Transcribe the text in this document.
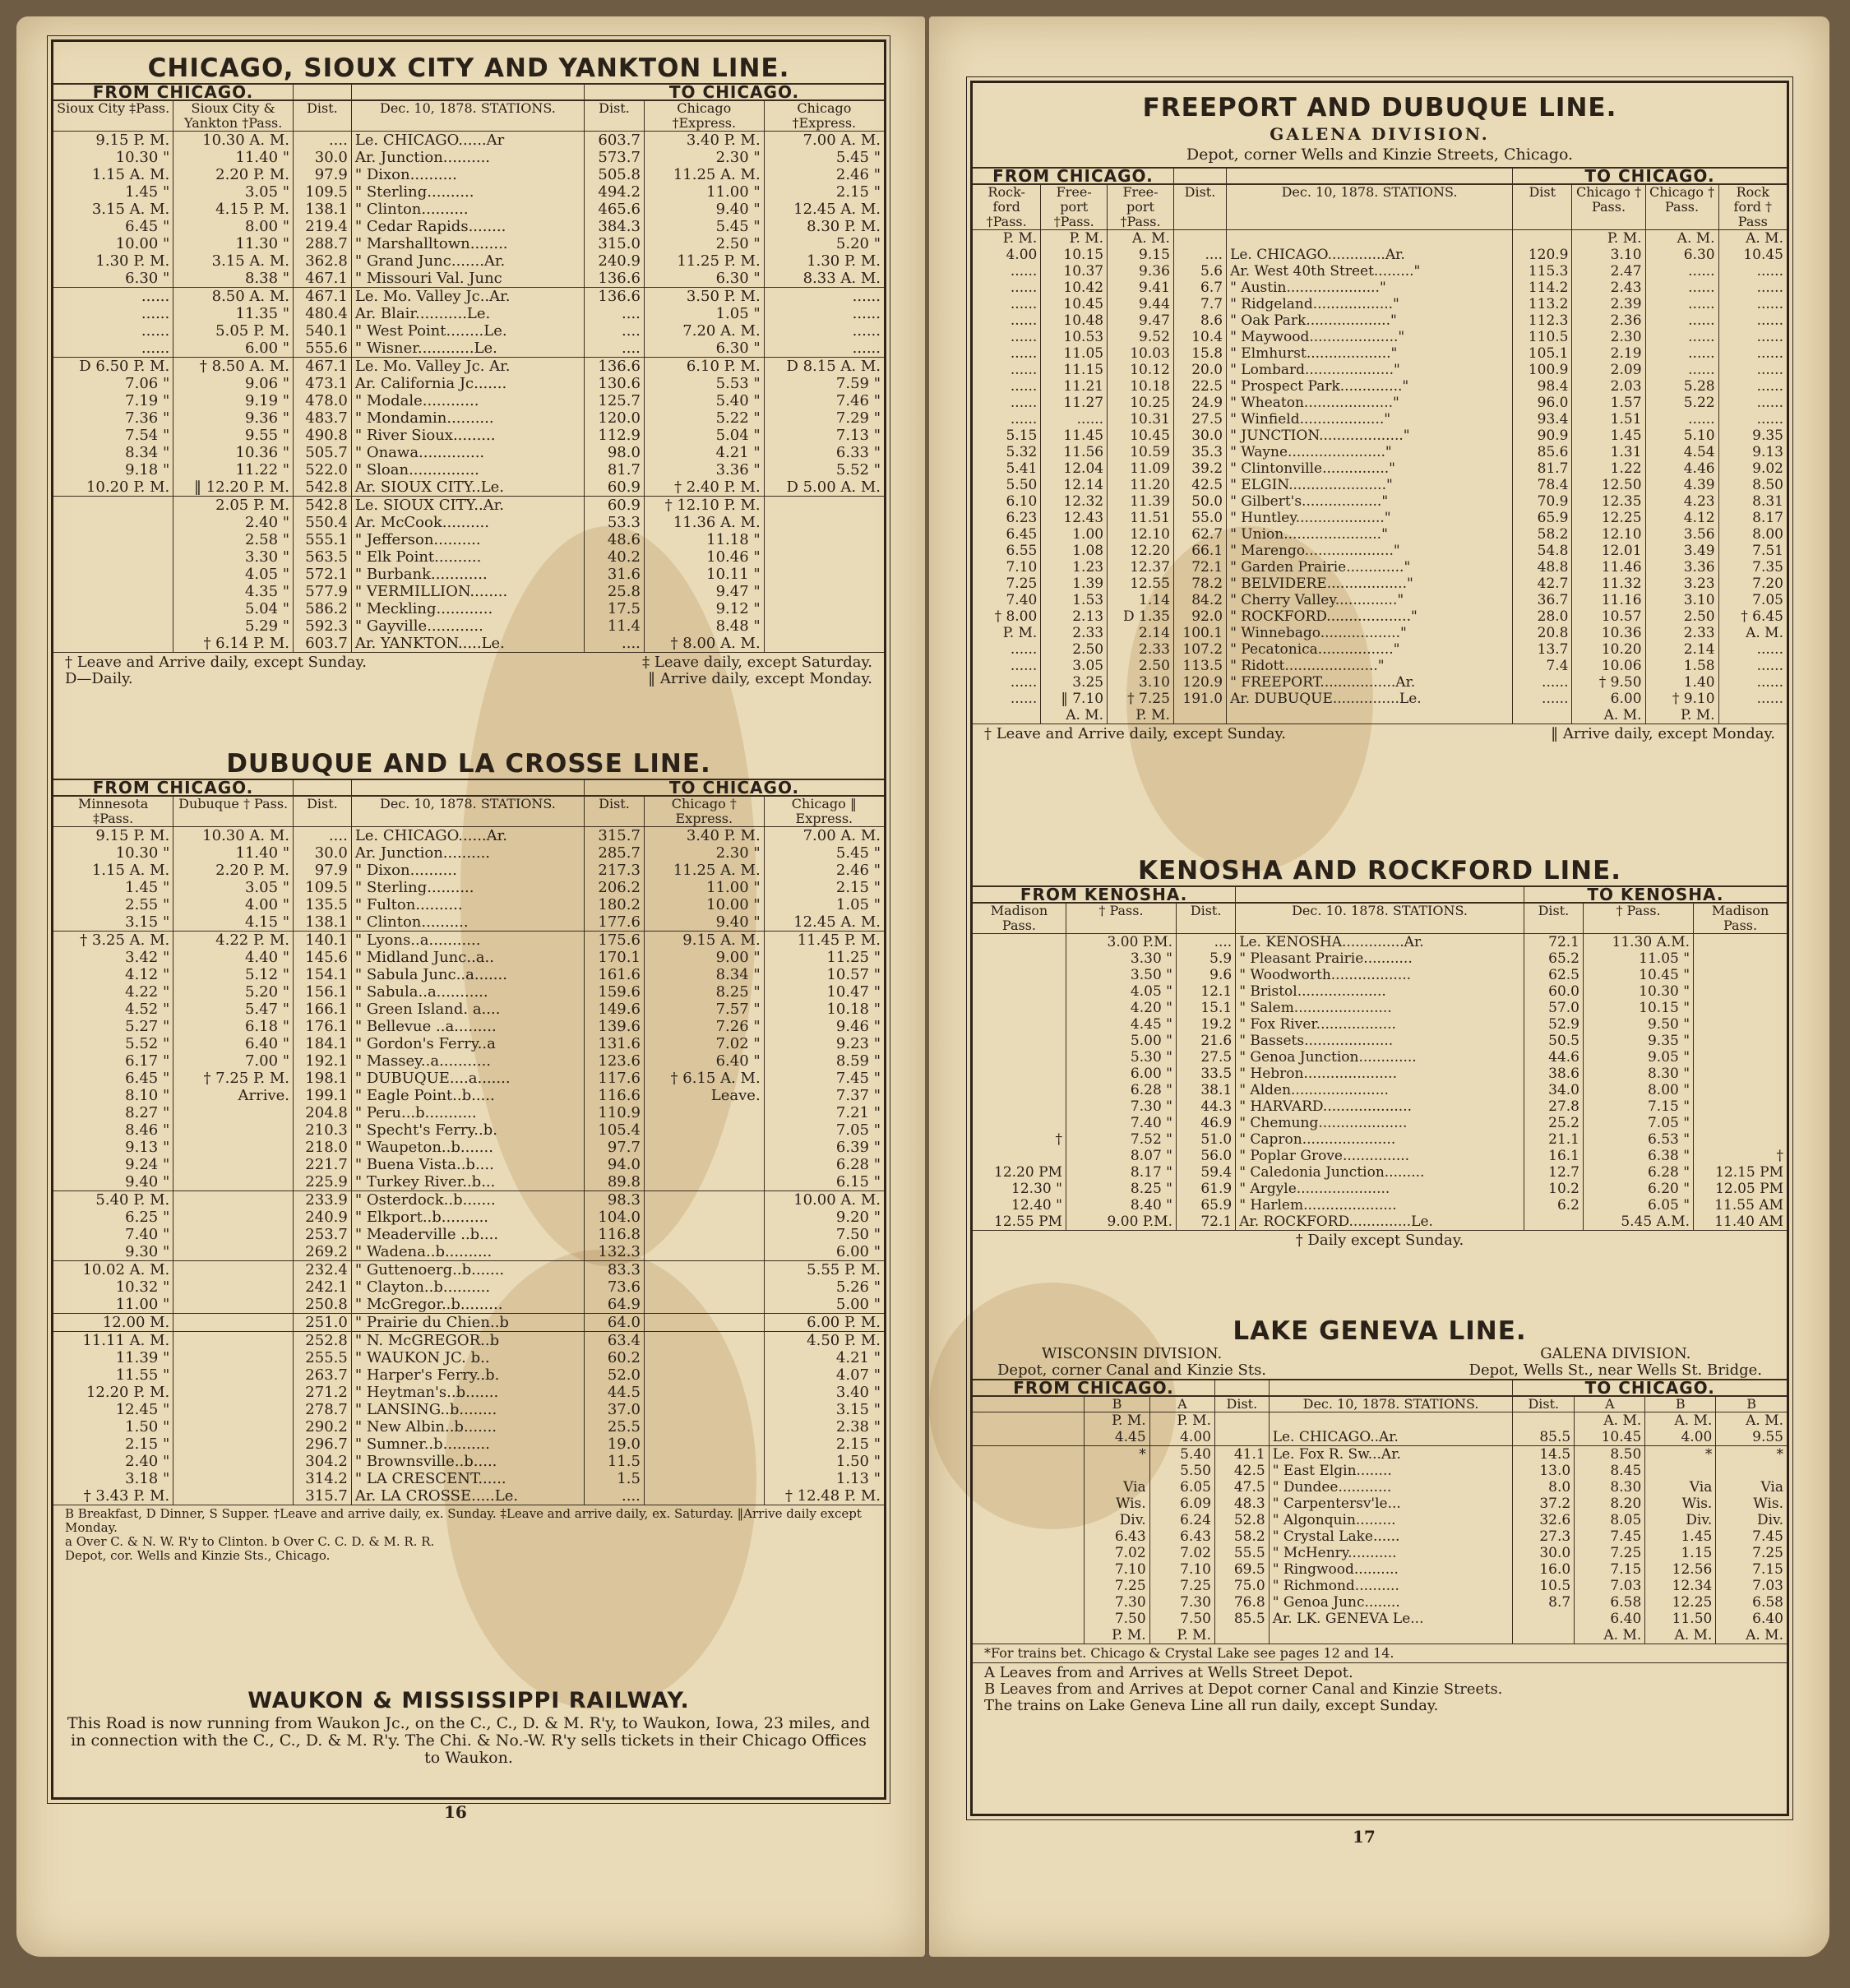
CHICAGO, SIOUX CITY AND YANKTON LINE.
FROM CHICAGO.				TO CHICAGO.		
Sioux City ‡Pass.	Sioux City & Yankton †Pass.	Dist.	Dec. 10, 1878. STATIONS.	Dist.	Chicago †Express.	Chicago †Express.
9.15 P. M.	10.30 A. M.	....	Le. CHICAGO......Ar	603.7	3.40 P. M.	7.00 A. M.
10.30 "	11.40 "	30.0	Ar. Junction..........	573.7	2.30 "	5.45 "
1.15 A. M.	2.20 P. M.	97.9	" Dixon..........	505.8	11.25 A. M.	2.46 "
1.45 "	3.05 "	109.5	" Sterling..........	494.2	11.00 "	2.15 "
3.15 A. M.	4.15 P. M.	138.1	" Clinton..........	465.6	9.40 "	12.45 A. M.
6.45 "	8.00 "	219.4	" Cedar Rapids........	384.3	5.45 "	8.30 P. M.
10.00 "	11.30 "	288.7	" Marshalltown........	315.0	2.50 "	5.20 "
1.30 P. M.	3.15 A. M.	362.8	" Grand Junc.......Ar.	240.9	11.25 P. M.	1.30 P. M.
6.30 "	8.38 "	467.1	" Missouri Val. Junc	136.6	6.30 "	8.33 A. M.
......	8.50 A. M.	467.1	Le. Mo. Valley Jc..Ar.	136.6	3.50 P. M.	......
......	11.35 "	480.4	Ar. Blair...........Le.	....	1.05 "	......
......	5.05 P. M.	540.1	" West Point........Le.	....	7.20 A. M.	......
......	6.00 "	555.6	" Wisner............Le.	....	6.30 "	......
D 6.50 P. M.	† 8.50 A. M.	467.1	Le. Mo. Valley Jc. Ar.	136.6	6.10 P. M.	D 8.15 A. M.
7.06 "	9.06 "	473.1	Ar. California Jc.......	130.6	5.53 "	7.59 "
7.19 "	9.19 "	478.0	" Modale............	125.7	5.40 "	7.46 "
7.36 "	9.36 "	483.7	" Mondamin..........	120.0	5.22 "	7.29 "
7.54 "	9.55 "	490.8	" River Sioux.........	112.9	5.04 "	7.13 "
8.34 "	10.36 "	505.7	" Onawa..............	98.0	4.21 "	6.33 "
9.18 "	11.22 "	522.0	" Sloan...............	81.7	3.36 "	5.52 "
10.20 P. M.	‖ 12.20 P. M.	542.8	Ar. SIOUX CITY..Le.	60.9	† 2.40 P. M.	D 5.00 A. M.
	2.05 P. M.	542.8	Le. SIOUX CITY..Ar.	60.9	† 12.10 P. M.	
	2.40 "	550.4	Ar. McCook..........	53.3	11.36 A. M.	
	2.58 "	555.1	" Jefferson..........	48.6	11.18 "	
	3.30 "	563.5	" Elk Point..........	40.2	10.46 "	
	4.05 "	572.1	" Burbank............	31.6	10.11 "	
	4.35 "	577.9	" VERMILLION........	25.8	9.47 "	
	5.04 "	586.2	" Meckling............	17.5	9.12 "	
	5.29 "	592.3	" Gayville............	11.4	8.48 "	
	† 6.14 P. M.	603.7	Ar. YANKTON.....Le.	....	† 8.00 A. M.	
† Leave and Arrive daily, except Sunday.	‡ Leave daily, except Saturday.
D—Daily.	‖ Arrive daily, except Monday.
DUBUQUE AND LA CROSSE LINE.
FROM CHICAGO.				TO CHICAGO.		
Minnesota ‡Pass.	Dubuque † Pass.	Dist.	Dec. 10, 1878. STATIONS.	Dist.	Chicago † Express.	Chicago ‖ Express.
9.15 P. M.	10.30 A. M.	....	Le. CHICAGO......Ar.	315.7	3.40 P. M.	7.00 A. M.
10.30 "	11.40 "	30.0	Ar. Junction..........	285.7	2.30 "	5.45 "
1.15 A. M.	2.20 P. M.	97.9	" Dixon..........	217.3	11.25 A. M.	2.46 "
1.45 "	3.05 "	109.5	" Sterling..........	206.2	11.00 "	2.15 "
2.55 "	4.00 "	135.5	" Fulton..........	180.2	10.00 "	1.05 "
3.15 "	4.15 "	138.1	" Clinton..........	177.6	9.40 "	12.45 A. M.
† 3.25 A. M.	4.22 P. M.	140.1	" Lyons..a...........	175.6	9.15 A. M.	11.45 P. M.
3.42 "	4.40 "	145.6	" Midland Junc..a..	170.1	9.00 "	11.25 "
4.12 "	5.12 "	154.1	" Sabula Junc..a.......	161.6	8.34 "	10.57 "
4.22 "	5.20 "	156.1	" Sabula..a...........	159.6	8.25 "	10.47 "
4.52 "	5.47 "	166.1	" Green Island. a....	149.6	7.57 "	10.18 "
5.27 "	6.18 "	176.1	" Bellevue ..a.........	139.6	7.26 "	9.46 "
5.52 "	6.40 "	184.1	" Gordon's Ferry..a	131.6	7.02 "	9.23 "
6.17 "	7.00 "	192.1	" Massey..a...........	123.6	6.40 "	8.59 "
6.45 "	† 7.25 P. M.	198.1	" DUBUQUE....a.......	117.6	† 6.15 A. M.	7.45 "
8.10 "	Arrive.	199.1	" Eagle Point..b.....	116.6	Leave.	7.37 "
8.27 "		204.8	" Peru...b...........	110.9		7.21 "
8.46 "		210.3	" Specht's Ferry..b.	105.4		7.05 "
9.13 "		218.0	" Waupeton..b.......	97.7		6.39 "
9.24 "		221.7	" Buena Vista..b....	94.0		6.28 "
9.40 "		225.9	" Turkey River..b...	89.8		6.15 "
5.40 P. M.		233.9	" Osterdock..b.......	98.3		10.00 A. M.
6.25 "		240.9	" Elkport..b..........	104.0		9.20 "
7.40 "		253.7	" Meaderville ..b....	116.8		7.50 "
9.30 "		269.2	" Wadena..b..........	132.3		6.00 "
10.02 A. M.		232.4	" Guttenoerg..b.......	83.3		5.55 P. M.
10.32 "		242.1	" Clayton..b..........	73.6		5.26 "
11.00 "		250.8	" McGregor..b.........	64.9		5.00 "
12.00 M.		251.0	" Prairie du Chien..b	64.0		6.00 P. M.
11.11 A. M.		252.8	" N. McGREGOR..b	63.4		4.50 P. M.
11.39 "		255.5	" WAUKON JC. b..	60.2		4.21 "
11.55 "		263.7	" Harper's Ferry..b.	52.0		4.07 "
12.20 P. M.		271.2	" Heytman's..b.......	44.5		3.40 "
12.45 "		278.7	" LANSING..b........	37.0		3.15 "
1.50 "		290.2	" New Albin..b.......	25.5		2.38 "
2.15 "		296.7	" Sumner..b..........	19.0		2.15 "
2.40 "		304.2	" Brownsville..b.....	11.5		1.50 "
3.18 "		314.2	" LA CRESCENT......	1.5		1.13 "
† 3.43 P. M.		315.7	Ar. LA CROSSE.....Le.	....		† 12.48 P. M.
B Breakfast, D Dinner, S Supper. †Leave and arrive daily, ex. Sunday. ‡Leave and arrive daily, ex. Saturday. ‖Arrive daily except Monday.
a Over C. & N. W. R'y to Clinton. b Over C. C. D. & M. R. R.
Depot, cor. Wells and Kinzie Sts., Chicago.
WAUKON & MISSISSIPPI RAILWAY.

This Road is now running from Waukon Jc., on the C., C., D. & M. R'y, to Waukon, Iowa, 23 miles, and in connection with the C., C., D. & M. R'y. The Chi. & No.-W. R'y sells tickets in their Chicago Offices to Waukon.

16
FREEPORT AND DUBUQUE LINE.
GALENA DIVISION.
Depot, corner Wells and Kinzie Streets, Chicago.
FROM CHICAGO.					TO CHICAGO.			
Rock-ford †Pass.	Free-port †Pass.	Free-port †Pass.	Dist.	Dec. 10, 1878. STATIONS.	Dist	Chicago † Pass.	Chicago † Pass.	Rock ford † Pass
P. M.	P. M.	A. M.				P. M.	A. M.	A. M.
4.00	10.15	9.15	....	Le. CHICAGO.............Ar.	120.9	3.10	6.30	10.45
......	10.37	9.36	5.6	Ar. West 40th Street........."	115.3	2.47	......	......
......	10.42	9.41	6.7	" Austin....................."	114.2	2.43	......	......
......	10.45	9.44	7.7	" Ridgeland.................."	113.2	2.39	......	......
......	10.48	9.47	8.6	" Oak Park..................."	112.3	2.36	......	......
......	10.53	9.52	10.4	" Maywood...................."	110.5	2.30	......	......
......	11.05	10.03	15.8	" Elmhurst..................."	105.1	2.19	......	......
......	11.15	10.12	20.0	" Lombard...................."	100.9	2.09	......	......
......	11.21	10.18	22.5	" Prospect Park.............."	98.4	2.03	5.28	......
......	11.27	10.25	24.9	" Wheaton...................."	96.0	1.57	5.22	......
......	......	10.31	27.5	" Winfield..................."	93.4	1.51	......	......
5.15	11.45	10.45	30.0	" JUNCTION..................."	90.9	1.45	5.10	9.35
5.32	11.56	10.59	35.3	" Wayne......................"	85.6	1.31	4.54	9.13
5.41	12.04	11.09	39.2	" Clintonville..............."	81.7	1.22	4.46	9.02
5.50	12.14	11.20	42.5	" ELGIN......................"	78.4	12.50	4.39	8.50
6.10	12.32	11.39	50.0	" Gilbert's.................."	70.9	12.35	4.23	8.31
6.23	12.43	11.51	55.0	" Huntley...................."	65.9	12.25	4.12	8.17
6.45	1.00	12.10	62.7	" Union......................"	58.2	12.10	3.56	8.00
6.55	1.08	12.20	66.1	" Marengo...................."	54.8	12.01	3.49	7.51
7.10	1.23	12.37	72.1	" Garden Prairie............."	48.8	11.46	3.36	7.35
7.25	1.39	12.55	78.2	" BELVIDERE.................."	42.7	11.32	3.23	7.20
7.40	1.53	1.14	84.2	" Cherry Valley.............."	36.7	11.16	3.10	7.05
† 8.00	2.13	D 1.35	92.0	" ROCKFORD..................."	28.0	10.57	2.50	† 6.45
P. M.	2.33	2.14	100.1	" Winnebago.................."	20.8	10.36	2.33	A. M.
......	2.50	2.33	107.2	" Pecatonica................."	13.7	10.20	2.14	......
......	3.05	2.50	113.5	" Ridott....................."	7.4	10.06	1.58	......
......	3.25	3.10	120.9	" FREEPORT.................Ar.	......	† 9.50	1.40	......
......	‖ 7.10	† 7.25	191.0	Ar. DUBUQUE...............Le.	......	6.00	† 9.10	......
	A. M.	P. M.				A. M.	P. M.	
† Leave and Arrive daily, except Sunday.	‖ Arrive daily, except Monday.
KENOSHA AND ROCKFORD LINE.
FROM KENOSHA.				TO KENOSHA.		
Madison Pass.	† Pass.	Dist.	Dec. 10. 1878. STATIONS.	Dist.	† Pass.	Madison Pass.
	3.00 P.M.	....	Le. KENOSHA..............Ar.	72.1	11.30 A.M.	
	3.30 "	5.9	" Pleasant Prairie...........	65.2	11.05 "	
	3.50 "	9.6	" Woodworth..................	62.5	10.45 "	
	4.05 "	12.1	" Bristol....................	60.0	10.30 "	
	4.20 "	15.1	" Salem......................	57.0	10.15 "	
	4.45 "	19.2	" Fox River..................	52.9	9.50 "	
	5.00 "	21.6	" Bassets....................	50.5	9.35 "	
	5.30 "	27.5	" Genoa Junction.............	44.6	9.05 "	
	6.00 "	33.5	" Hebron.....................	38.6	8.30 "	
	6.28 "	38.1	" Alden......................	34.0	8.00 "	
	7.30 "	44.3	" HARVARD....................	27.8	7.15 "	
	7.40 "	46.9	" Chemung....................	25.2	7.05 "	
†	7.52 "	51.0	" Capron.....................	21.1	6.53 "	
	8.07 "	56.0	" Poplar Grove...............	16.1	6.38 "	†
12.20 PM	8.17 "	59.4	" Caledonia Junction.........	12.7	6.28 "	12.15 PM
12.30 "	8.25 "	61.9	" Argyle.....................	10.2	6.20 "	12.05 PM
12.40 "	8.40 "	65.9	" Harlem.....................	6.2	6.05 "	11.55 AM
12.55 PM	9.00 P.M.	72.1	Ar. ROCKFORD..............Le.		5.45 A.M.	11.40 AM
† Daily except Sunday.
LAKE GENEVA LINE.
WISCONSIN DIVISION.
Depot, corner Canal and Kinzie Sts.
GALENA DIVISION.
Depot, Wells St., near Wells St. Bridge.
FROM CHICAGO.					TO CHICAGO.			
	B	A	Dist.	Dec. 10, 1878. STATIONS.	Dist.	A	B	B
	P. M.	P. M.				A. M.	A. M.	A. M.
	4.45	4.00		Le. CHICAGO..Ar.	85.5	10.45	4.00	9.55
	*	5.40	41.1	Le. Fox R. Sw...Ar.	14.5	8.50	*	*
		5.50	42.5	" East Elgin........	13.0	8.45		
	Via	6.05	47.5	" Dundee............	8.0	8.30	Via	Via
	Wis.	6.09	48.3	" Carpentersv'le...	37.2	8.20	Wis.	Wis.
	Div.	6.24	52.8	" Algonquin.........	32.6	8.05	Div.	Div.
	6.43	6.43	58.2	" Crystal Lake......	27.3	7.45	1.45	7.45
	7.02	7.02	55.5	" McHenry...........	30.0	7.25	1.15	7.25
	7.10	7.10	69.5	" Ringwood..........	16.0	7.15	12.56	7.15
	7.25	7.25	75.0	" Richmond..........	10.5	7.03	12.34	7.03
	7.30	7.30	76.8	" Genoa Junc........	8.7	6.58	12.25	6.58
	7.50	7.50	85.5	Ar. LK. GENEVA Le...		6.40	11.50	6.40
	P. M.	P. M.				A. M.	A. M.	A. M.
*For trains bet. Chicago & Crystal Lake see pages 12 and 14.
A Leaves from and Arrives at Wells Street Depot.
B Leaves from and Arrives at Depot corner Canal and Kinzie Streets.
The trains on Lake Geneva Line all run daily, except Sunday.
17
